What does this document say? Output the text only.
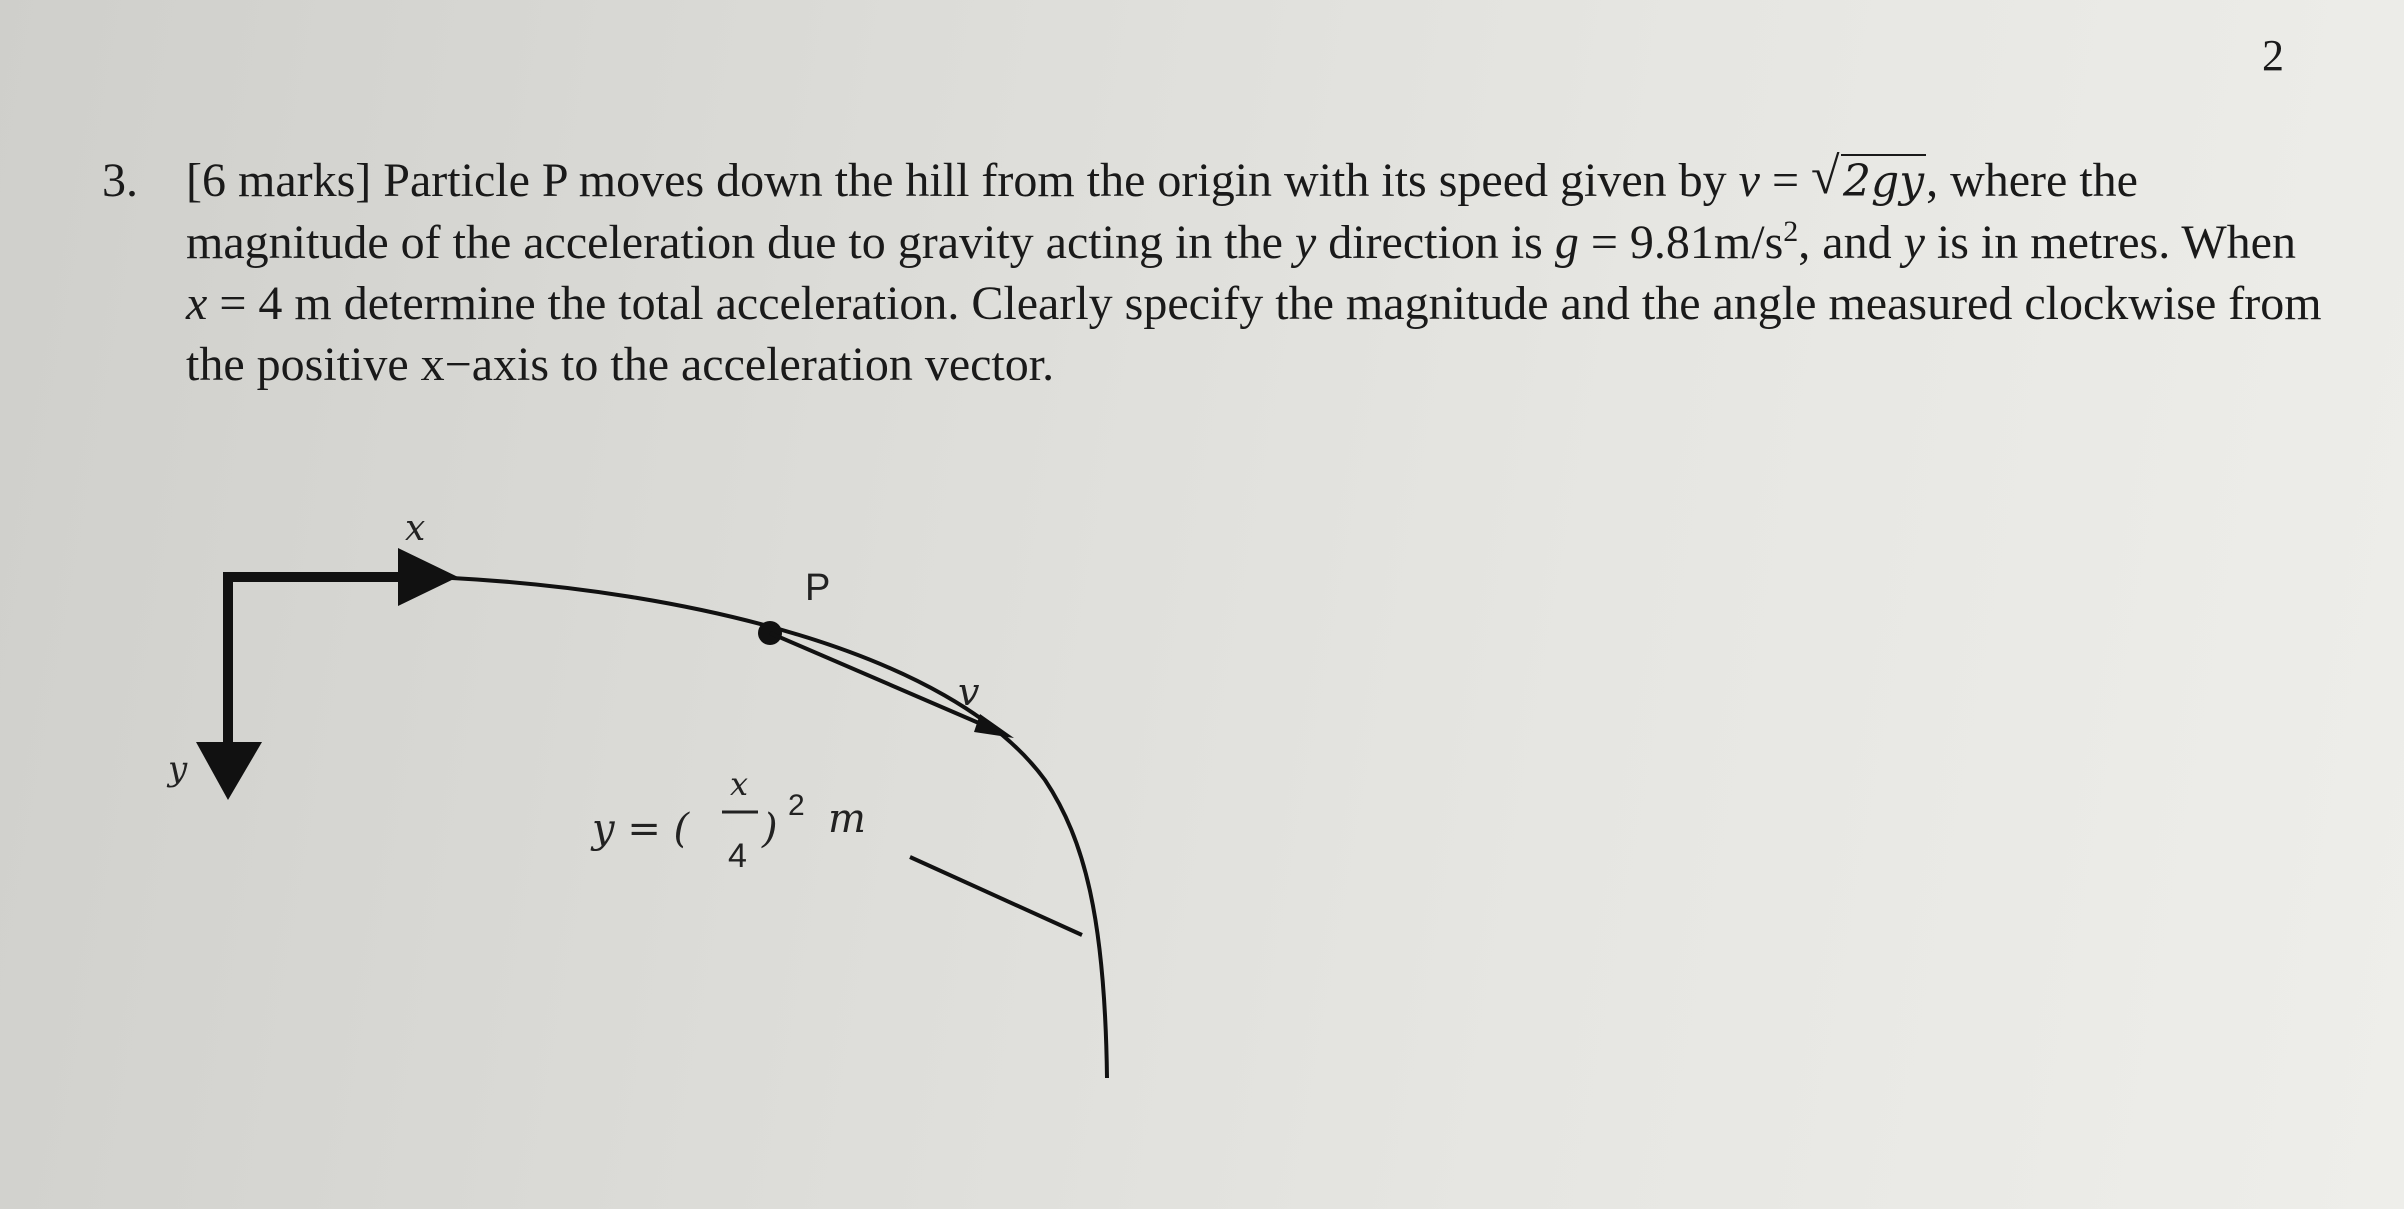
2
3. [6 marks] Particle P moves down the hill from the origin with its speed given by v = √ 2gy, where the magnitude of the acceleration due to gravity acting in the y direction is $g = 9.81m/s^2$, and y is in metres. When x = 4 m determine the total acceleration. Clearly specify the magnitude and the angle measured clockwise from the positive x−axis to the acceleration vector.
x
y
P
v
y = (
x
4
)
2 m
